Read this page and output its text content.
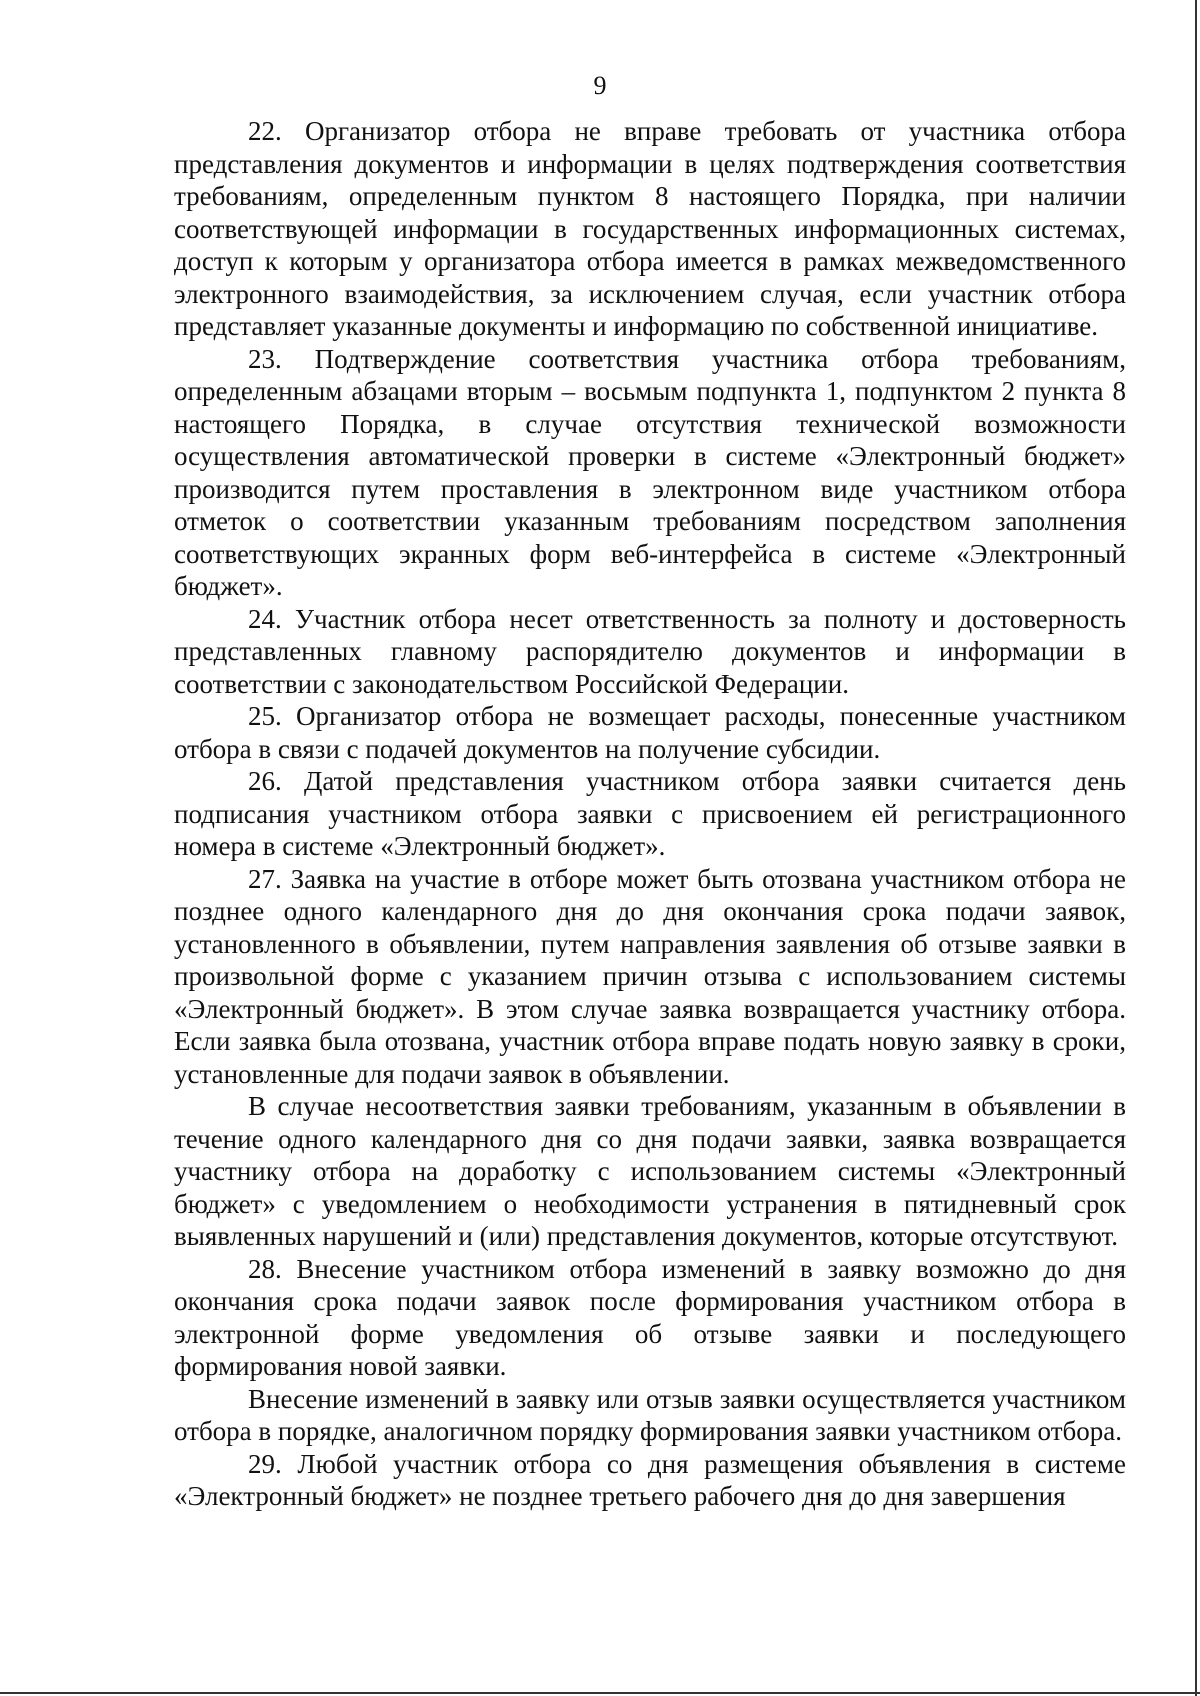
9

22. Организатор отбора не вправе требовать от участника отбора представления документов и информации в целях подтверждения соответствия требованиям, определенным пунктом 8 настоящего Порядка, при наличии соответствующей информации в государственных информационных системах, доступ к которым у организатора отбора имеется в рамках межведомственного электронного взаимодействия, за исключением случая, если участник отбора представляет указанные документы и информацию по собственной инициативе.

23. Подтверждение соответствия участника отбора требованиям, определенным абзацами вторым – восьмым подпункта 1, подпунктом 2 пункта 8 настоящего Порядка, в случае отсутствия технической возможности осуществления автоматической проверки в системе «Электронный бюджет» производится путем проставления в электронном виде участником отбора отметок о соответствии указанным требованиям посредством заполнения соответствующих экранных форм веб-интерфейса в системе «Электронный бюджет».

24. Участник отбора несет ответственность за полноту и достоверность представленных главному распорядителю документов и информации в соответствии с законодательством Российской Федерации.

25. Организатор отбора не возмещает расходы, понесенные участником отбора в связи с подачей документов на получение субсидии.

26. Датой представления участником отбора заявки считается день подписания участником отбора заявки с присвоением ей регистрационного номера в системе «Электронный бюджет».

27. Заявка на участие в отборе может быть отозвана участником отбора не позднее одного календарного дня до дня окончания срока подачи заявок, установленного в объявлении, путем направления заявления об отзыве заявки в произвольной форме с указанием причин отзыва с использованием системы «Электронный бюджет». В этом случае заявка возвращается участнику отбора. Если заявка была отозвана, участник отбора вправе подать новую заявку в сроки, установленные для подачи заявок в объявлении.

В случае несоответствия заявки требованиям, указанным в объявлении в течение одного календарного дня со дня подачи заявки, заявка возвращается участнику отбора на доработку с использованием системы «Электронный бюджет» с уведомлением о необходимости устранения в пятидневный срок выявленных нарушений и (или) представления документов, которые отсутствуют.

28. Внесение участником отбора изменений в заявку возможно до дня окончания срока подачи заявок после формирования участником отбора в электронной форме уведомления об отзыве заявки и последующего формирования новой заявки.

Внесение изменений в заявку или отзыв заявки осуществляется участником отбора в порядке, аналогичном порядку формирования заявки участником отбора.

29. Любой участник отбора со дня размещения объявления в системе «Электронный бюджет» не позднее третьего рабочего дня до дня завершения
